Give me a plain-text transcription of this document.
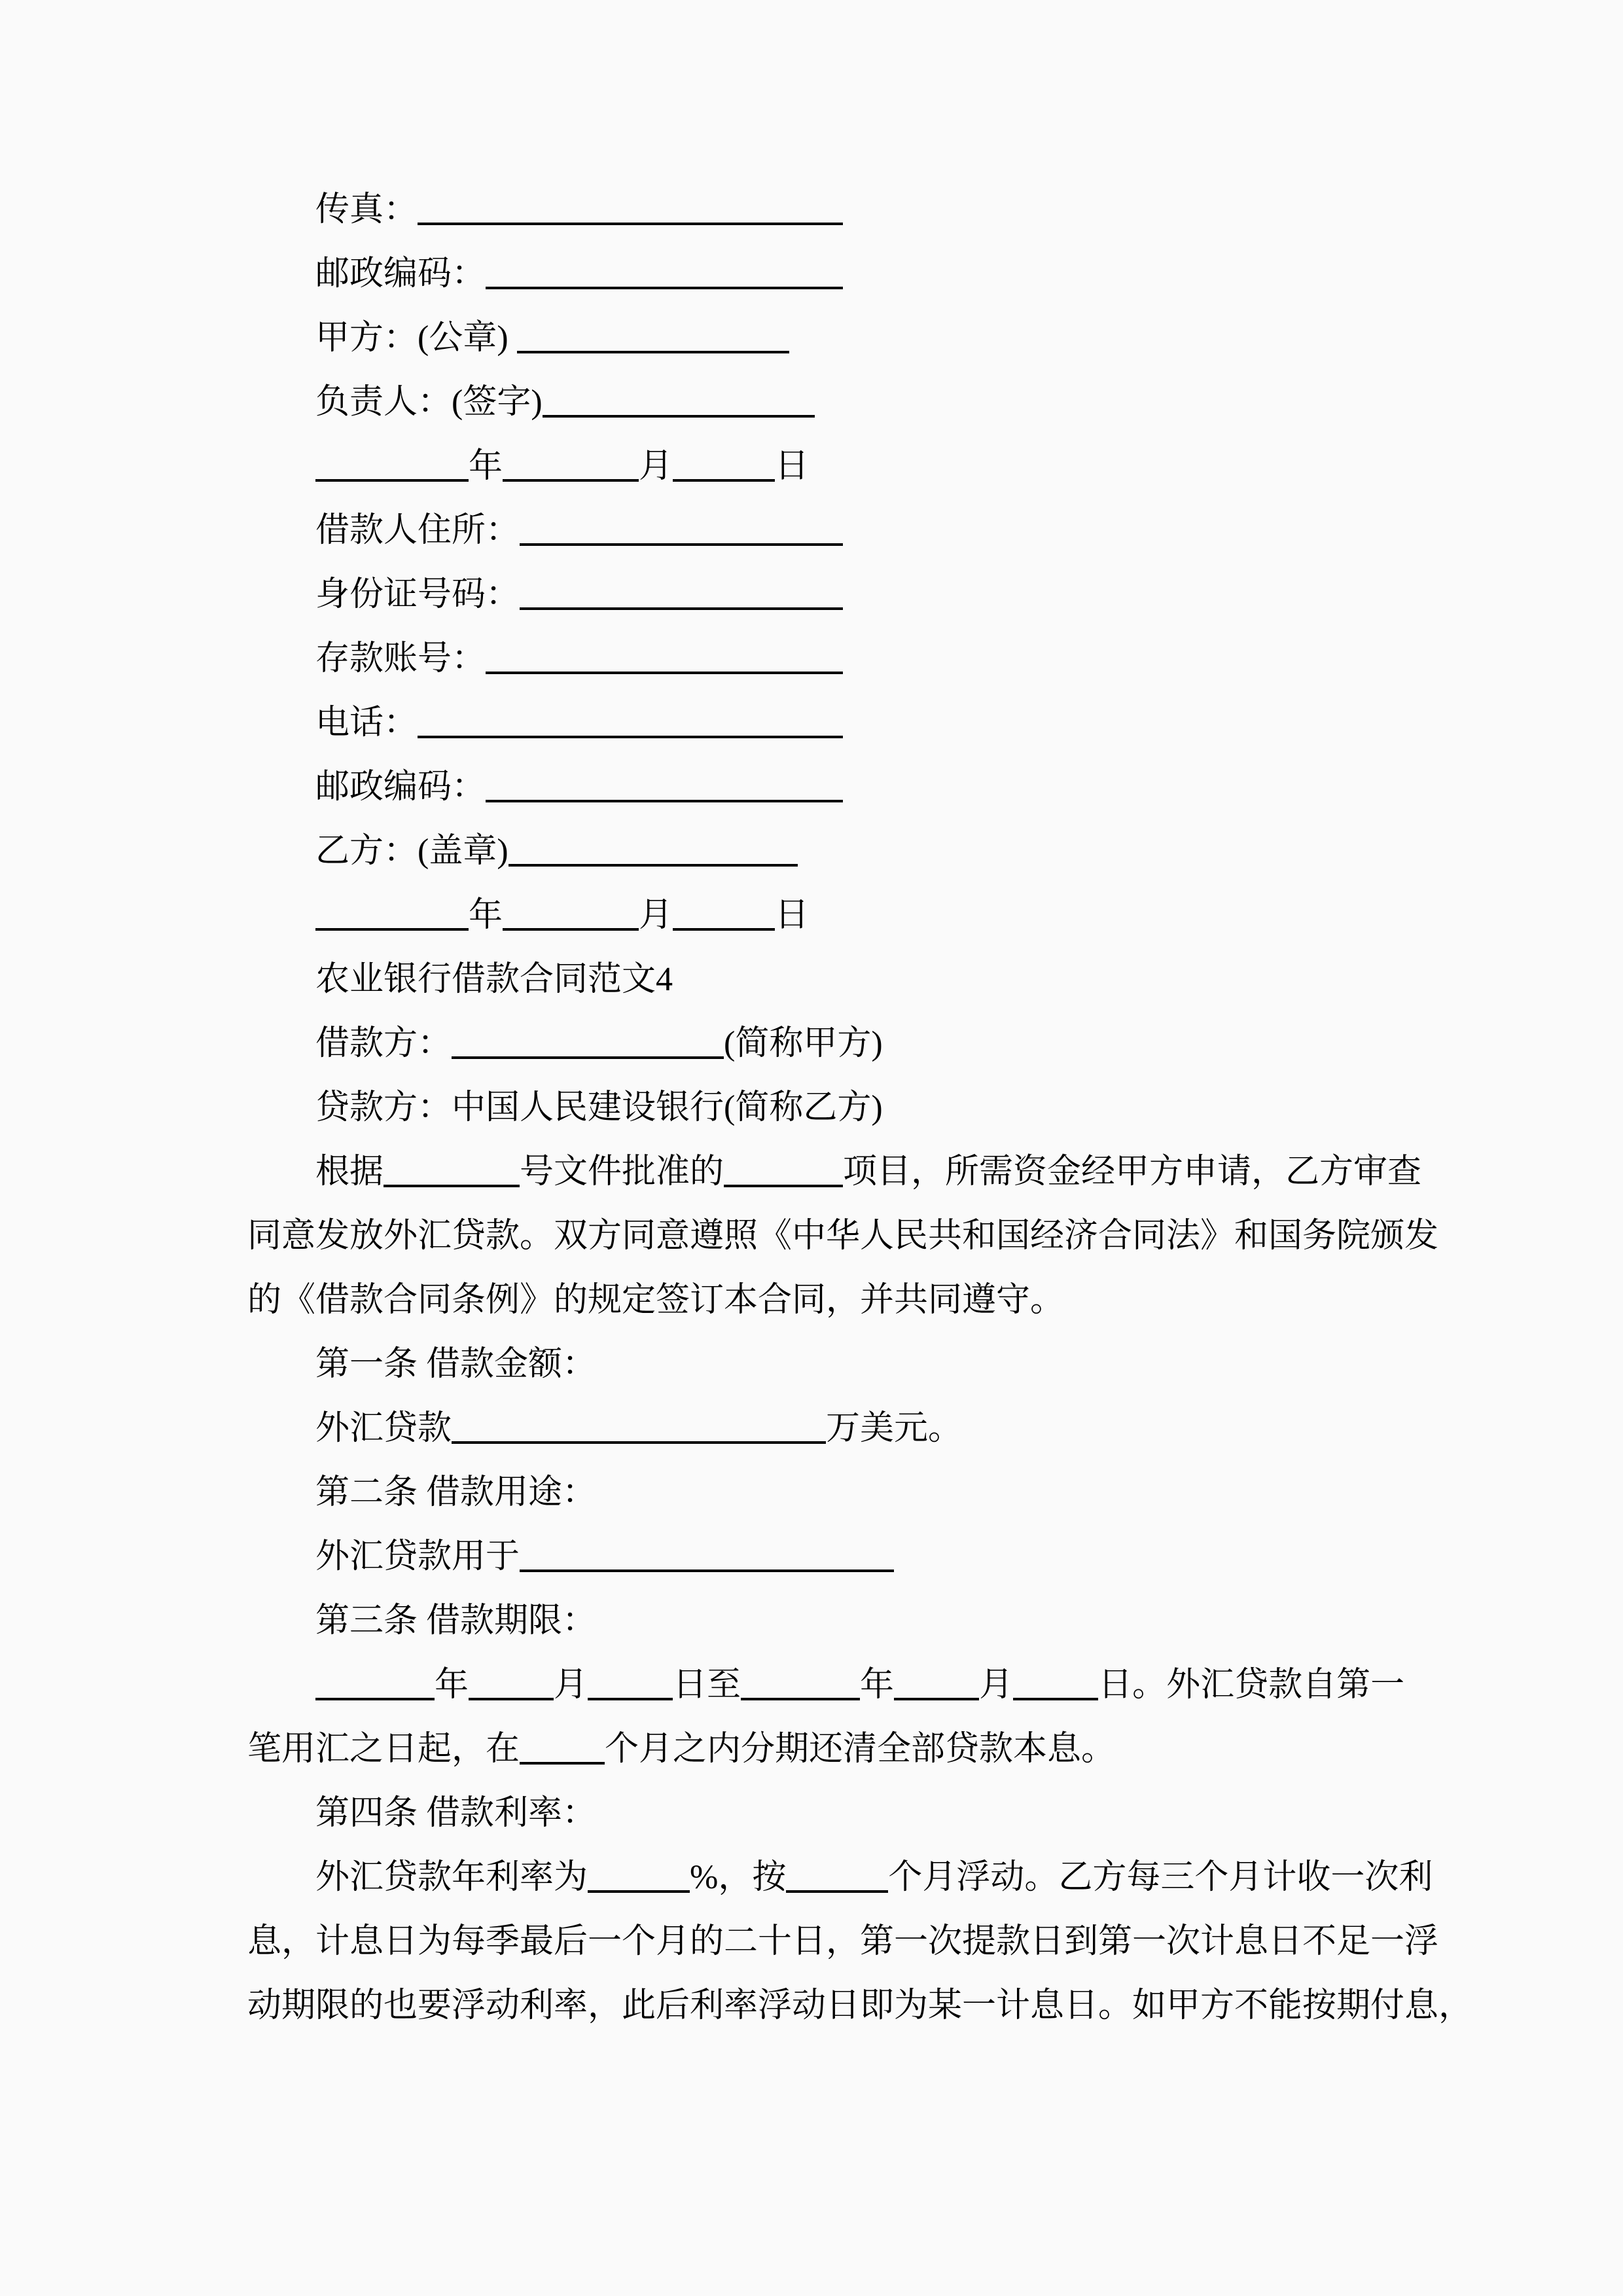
传真：
邮政编码：
甲方：(公章)
负责人：(签字)
年	月	日
借款人住所：
身份证号码：
存款账号：
电话：
邮政编码：
乙方：(盖章)
年	月	日
农业银行借款合同范文4
借款方：	(简称甲方)
贷款方：中国人民建设银行(简称乙方)
根据	号文件批准的	项目，所需资金经甲方申请，乙方审查
同意发放外汇贷款。双方同意遵照《中华人民共和国经济合同法》和国务院颁发
的《借款合同条例》的规定签订本合同，并共同遵守。
第一条 借款金额：
外汇贷款	万美元。
第二条 借款用途：
外汇贷款用于
第三条 借款期限：
年	月	日至	年	月	日。外汇贷款自第一
笔用汇之日起，在	个月之内分期还清全部贷款本息。
第四条 借款利率：
外汇贷款年利率为	%，按	个月浮动。乙方每三个月计收一次利
息，计息日为每季最后一个月的二十日，第一次提款日到第一次计息日不足一浮
动期限的也要浮动利率，此后利率浮动日即为某一计息日。如甲方不能按期付息，
